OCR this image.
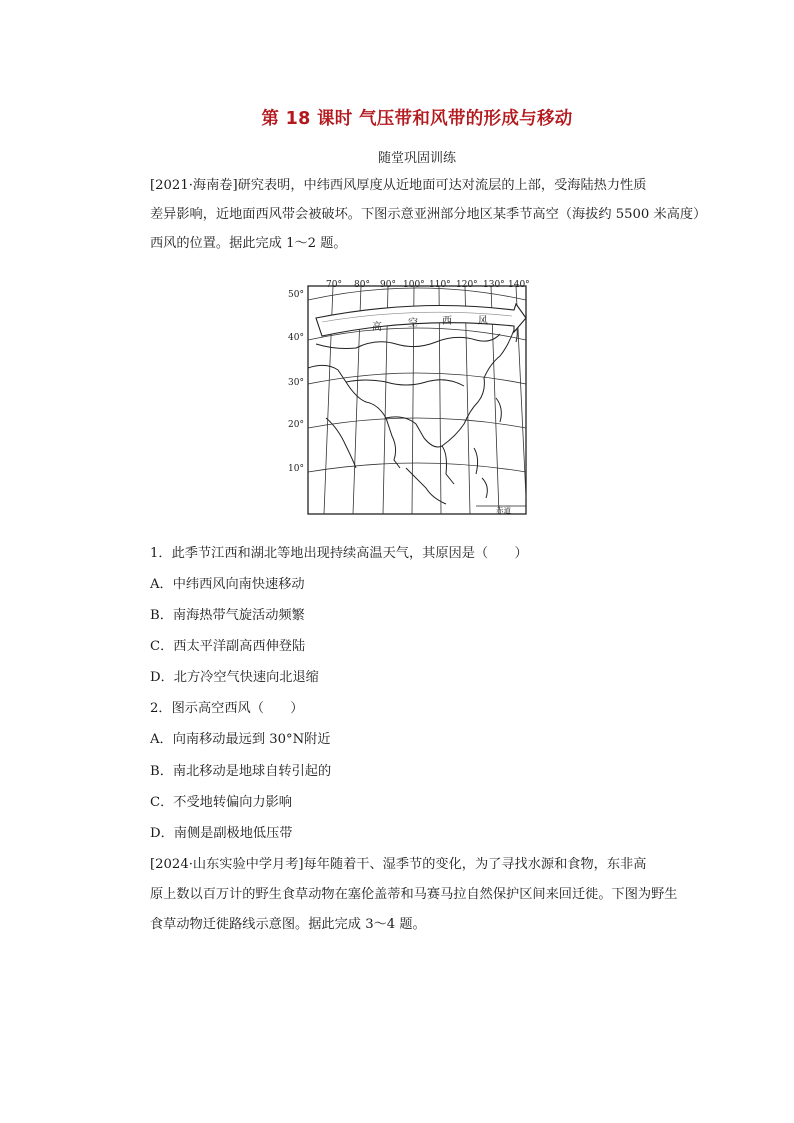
第 18 课时 气压带和风带的形成与移动
随堂巩固训练

[2021·海南卷]研究表明，中纬西风厚度从近地面可达对流层的上部，受海陆热力性质

差异影响，近地面西风带会被破坏。下图示意亚洲部分地区某季节高空（海拔约 5500 米高度）

西风的位置。据此完成 1～2 题。

高	空 西	风
70° 80° 90° 100° 110° 120° 130° 140°
50°
40°
30°
20°
10°
赤道

1．此季节江西和湖北等地出现持续高温天气，其原因是（　　）

A．中纬西风向南快速移动

B．南海热带气旋活动频繁

C．西太平洋副高西伸登陆

D．北方冷空气快速向北退缩

2．图示高空西风（　　）

A．向南移动最远到 30°N附近

B．南北移动是地球自转引起的

C．不受地转偏向力影响

D．南侧是副极地低压带

[2024·山东实验中学月考]每年随着干、湿季节的变化，为了寻找水源和食物，东非高

原上数以百万计的野生食草动物在塞伦盖蒂和马赛马拉自然保护区间来回迁徙。下图为野生

食草动物迁徙路线示意图。据此完成 3～4 题。
